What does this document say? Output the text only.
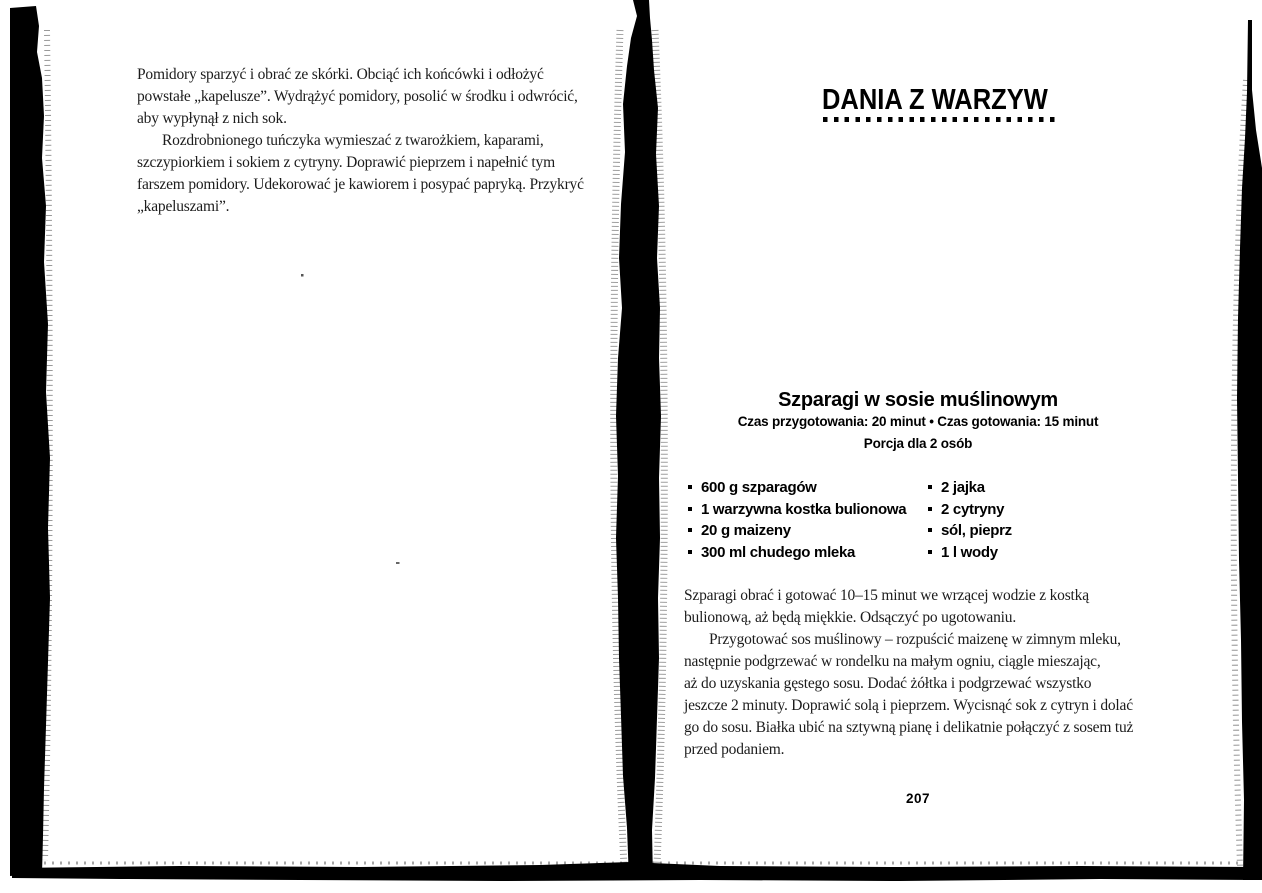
Pomidory sparzyć i obrać ze skórki. Obciąć ich końcówki i odłożyć
powstałe „kapelusze”. Wydrążyć pomidory, posolić w środku i odwrócić,
aby wypłynął z nich sok.
Rozdrobnionego tuńczyka wymieszać z twarożkiem, kaparami,
szczypiorkiem i sokiem z cytryny. Doprawić pieprzem i napełnić tym
farszem pomidory. Udekorować je kawiorem i posypać papryką. Przykryć
„kapeluszami”.
DANIA Z WARZYW
Szparagi w sosie muślinowym
Czas przygotowania: 20 minut • Czas gotowania: 15 minut
Porcja dla 2 osób
600 g szparagów
1 warzywna kostka bulionowa
20 g maizeny
300 ml chudego mleka
2 jajka
2 cytryny
sól, pieprz
1 l wody
Szparagi obrać i gotować 10–15 minut we wrzącej wodzie z kostką
bulionową, aż będą miękkie. Odsączyć po ugotowaniu.
Przygotować sos muślinowy – rozpuścić maizenę w zimnym mleku,
następnie podgrzewać w rondelku na małym ogniu, ciągle mieszając,
aż do uzyskania gęstego sosu. Dodać żółtka i podgrzewać wszystko
jeszcze 2 minuty. Doprawić solą i pieprzem. Wycisnąć sok z cytryn i dolać
go do sosu. Białka ubić na sztywną pianę i delikatnie połączyć z sosem tuż
przed podaniem.
207
